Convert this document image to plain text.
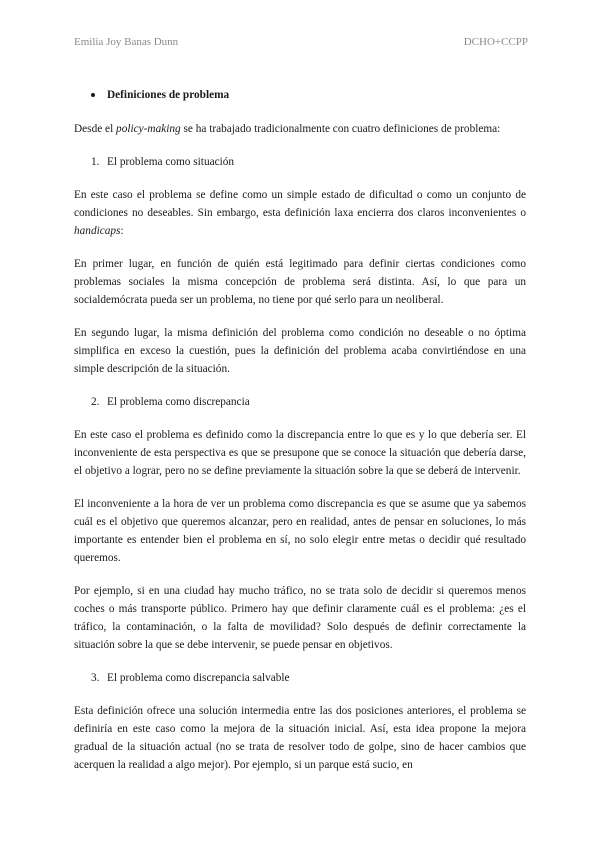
Emilia Joy Banas Dunn	DCHO+CCPP
Definiciones de problema

Desde el policy-making se ha trabajado tradicionalmente con cuatro definiciones de problema:

1. El problema como situación

En este caso el problema se define como un simple estado de dificultad o como un conjunto de condiciones no deseables. Sin embargo, esta definición laxa encierra dos claros inconvenientes o handicaps:

En primer lugar, en función de quién está legitimado para definir ciertas condiciones como problemas sociales la misma concepción de problema será distinta. Así, lo que para un socialdemócrata pueda ser un problema, no tiene por qué serlo para un neoliberal.

En segundo lugar, la misma definición del problema como condición no deseable o no óptima simplifica en exceso la cuestión, pues la definición del problema acaba convirtiéndose en una simple descripción de la situación.

2. El problema como discrepancia

En este caso el problema es definido como la discrepancia entre lo que es y lo que debería ser. El inconveniente de esta perspectiva es que se presupone que se conoce la situación que debería darse, el objetivo a lograr, pero no se define previamente la situación sobre la que se deberá de intervenir.

El inconveniente a la hora de ver un problema como discrepancia es que se asume que ya sabemos cuál es el objetivo que queremos alcanzar, pero en realidad, antes de pensar en soluciones, lo más importante es entender bien el problema en sí, no solo elegir entre metas o decidir qué resultado queremos.

Por ejemplo, si en una ciudad hay mucho tráfico, no se trata solo de decidir si queremos menos coches o más transporte público. Primero hay que definir claramente cuál es el problema: ¿es el tráfico, la contaminación, o la falta de movilidad? Solo después de definir correctamente la situación sobre la que se debe intervenir, se puede pensar en objetivos.

3. El problema como discrepancia salvable

Esta definición ofrece una solución intermedia entre las dos posiciones anteriores, el problema se definiría en este caso como la mejora de la situación inicial. Así, esta idea propone la mejora gradual de la situación actual (no se trata de resolver todo de golpe, sino de hacer cambios que acerquen la realidad a algo mejor). Por ejemplo, si un parque está sucio, en
